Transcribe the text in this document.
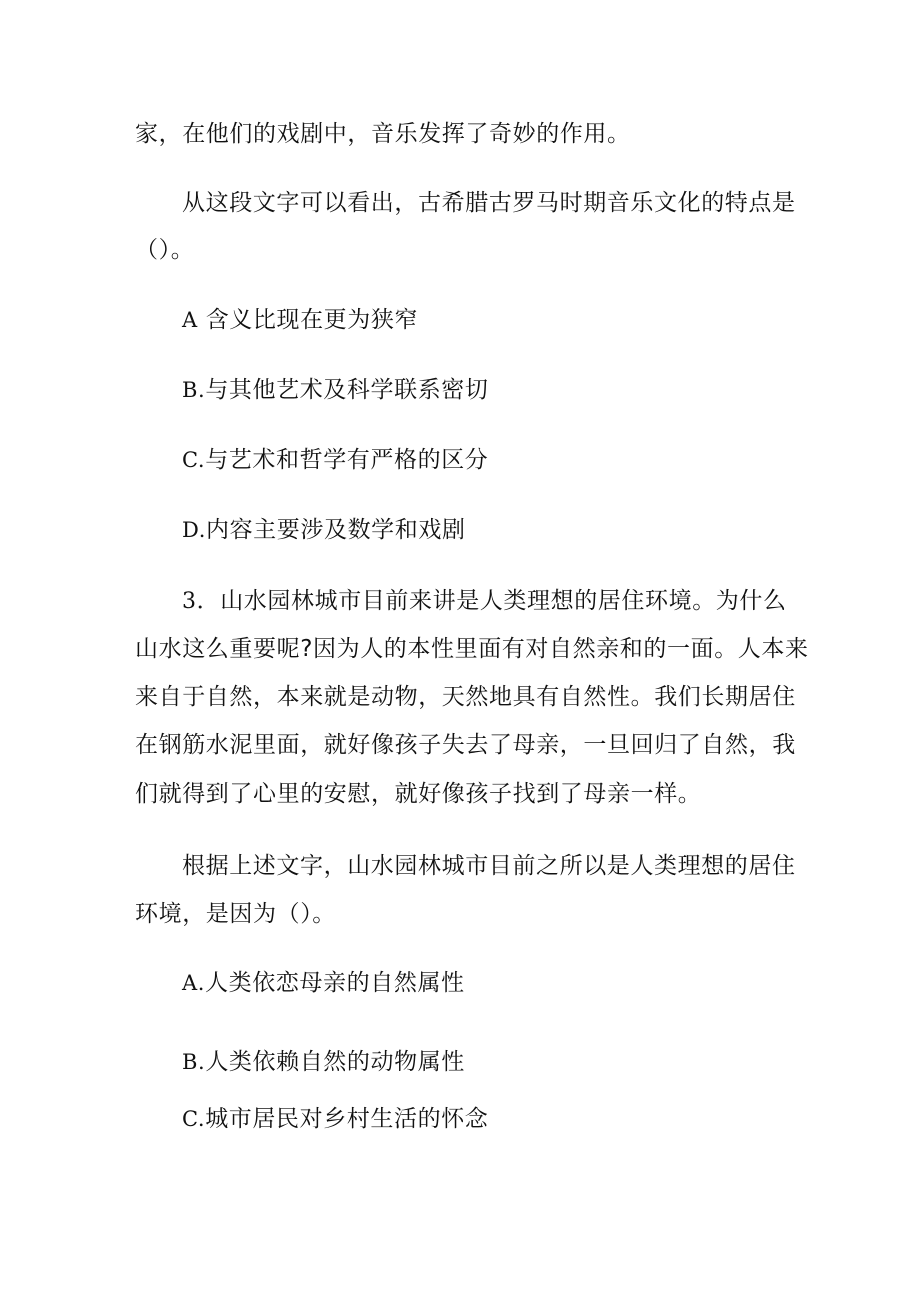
家，在他们的戏剧中，音乐发挥了奇妙的作用。
从这段文字可以看出，古希腊古罗马时期音乐文化的特点是
（）。
A 含义比现在更为狭窄
B.与其他艺术及科学联系密切
C.与艺术和哲学有严格的区分
D.内容主要涉及数学和戏剧
3．山水园林城市目前来讲是人类理想的居住环境。为什么
山水这么重要呢?因为人的本性里面有对自然亲和的一面。人本来
来自于自然，本来就是动物，天然地具有自然性。我们长期居住
在钢筋水泥里面，就好像孩子失去了母亲，一旦回归了自然，我
们就得到了心里的安慰，就好像孩子找到了母亲一样。
根据上述文字，山水园林城市目前之所以是人类理想的居住
环境，是因为（）。
A.人类依恋母亲的自然属性
B.人类依赖自然的动物属性
C.城市居民对乡村生活的怀念
